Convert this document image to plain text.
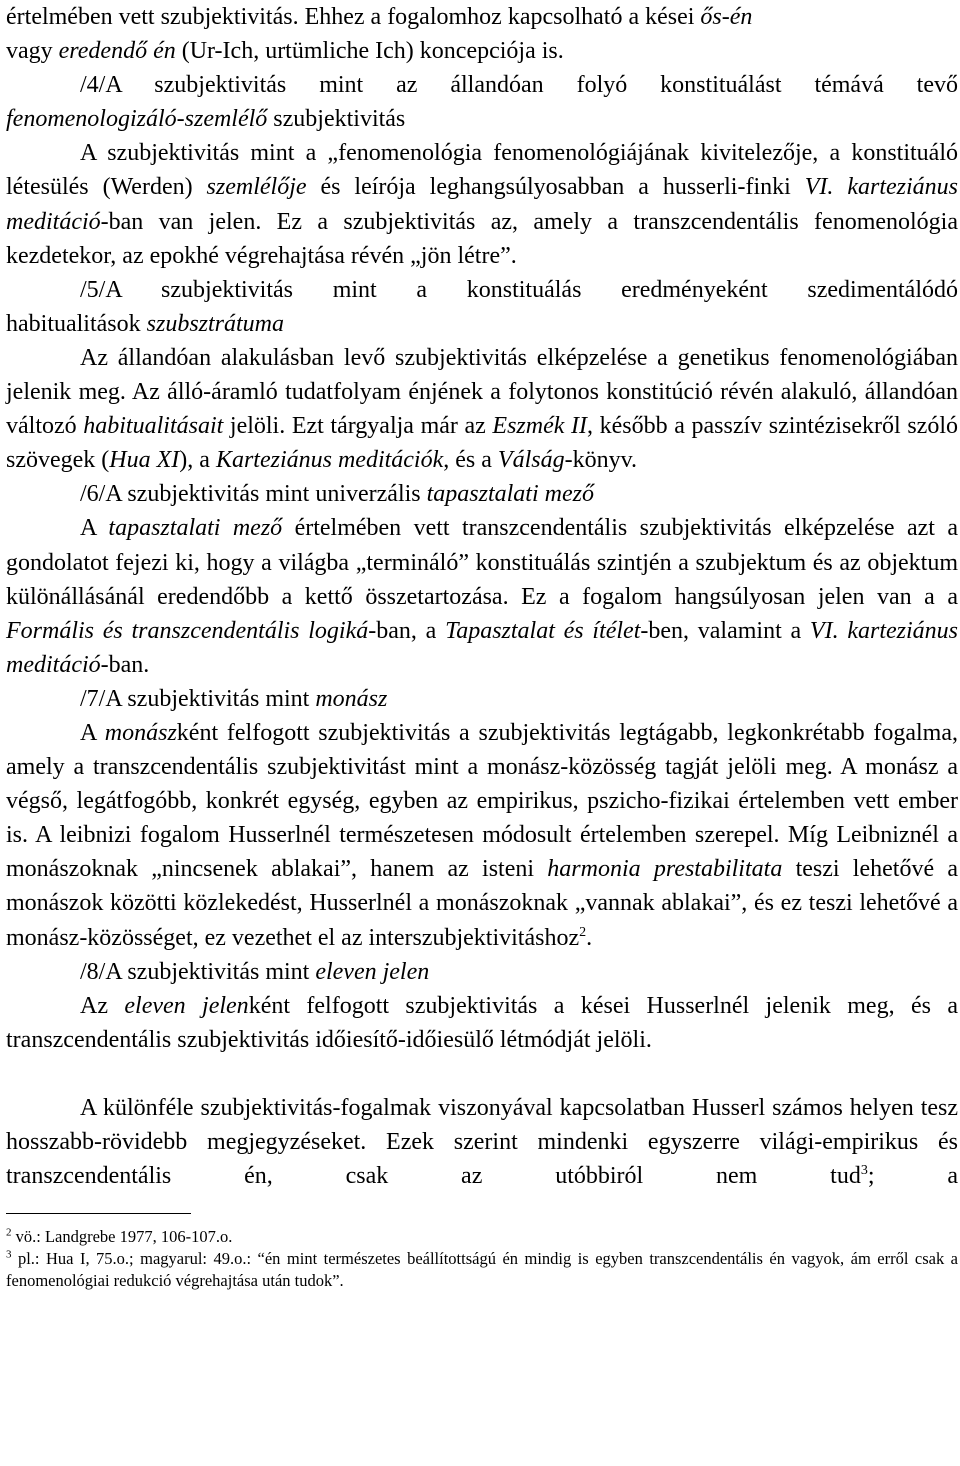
értelmében vett szubjektivitás. Ehhez a fogalomhoz kapcsolható a kései ős-én
vagy eredendő én (Ur-Ich, urtümliche Ich) koncepciója is.

/4/A szubjektivitás mint az állandóan folyó konstituálást témává tevő

fenomenologizáló-szemlélő szubjektivitás

A szubjektivitás mint a „fenomenológia fenomenológiájának kivitelezője, a konstituáló létesülés (Werden) szemlélője és leírója leghangsúlyosabban a husserli-finki VI. karteziánus meditáció-ban van jelen. Ez a szubjektivitás az, amely a transzcendentális fenomenológia kezdetekor, az epokhé végrehajtása révén „jön létre”.

/5/A szubjektivitás mint a konstituálás eredményeként szedimentálódó

habitualitások szubsztrátuma

Az állandóan alakulásban levő szubjektivitás elképzelése a genetikus fenomenológiában jelenik meg. Az álló-áramló tudatfolyam énjének a folytonos konstitúció révén alakuló, állandóan változó habitualitásait jelöli. Ezt tárgyalja már az Eszmék II, később a passzív szintézisekről szóló szövegek (Hua XI), a Karteziánus meditációk, és a Válság-könyv.

/6/A szubjektivitás mint univerzális tapasztalati mező

A tapasztalati mező értelmében vett transzcendentális szubjektivitás elképzelése azt a gondolatot fejezi ki, hogy a világba „termináló” konstituálás szintjén a szubjektum és az objektum különállásánál eredendőbb a kettő összetartozása. Ez a fogalom hangsúlyosan jelen van a a Formális és transzcendentális logiká-ban, a Tapasztalat és ítélet-ben, valamint a VI. karteziánus meditáció-ban.

/7/A szubjektivitás mint monász

A monászként felfogott szubjektivitás a szubjektivitás legtágabb, legkonkrétabb fogalma, amely a transzcendentális szubjektivitást mint a monász-közösség tagját jelöli meg. A monász a végső, legátfogóbb, konkrét egység, egyben az empirikus, pszicho-fizikai értelemben vett ember is. A leibnizi fogalom Husserlnél természetesen módosult értelemben szerepel. Míg Leibniznél a monászoknak „nincsenek ablakai”, hanem az isteni harmonia prestabilitata teszi lehetővé a monászok közötti közlekedést, Husserlnél a monászoknak „vannak ablakai”, és ez teszi lehetővé a monász-közösséget, ez vezethet el az interszubjektivitáshoz$^2$.

/8/A szubjektivitás mint eleven jelen

Az eleven jelenként felfogott szubjektivitás a kései Husserlnél jelenik meg, és a transzcendentális szubjektivitás időiesítő-időiesülő létmódját jelöli.

A különféle szubjektivitás-fogalmak viszonyával kapcsolatban Husserl számos helyen tesz hosszabb-rövidebb megjegyzéseket. Ezek szerint mindenki egyszerre világi-empirikus és transzcendentális én, csak az utóbbiról nem tud$^3$; a

$^2$ vö.: Landgrebe 1977, 106-107.o.

$^3$ pl.: Hua I, 75.o.; magyarul: 49.o.: “én mint természetes beállítottságú én mindig is egyben transzcendentális én vagyok, ám erről csak a fenomenológiai redukció végrehajtása után tudok”.
